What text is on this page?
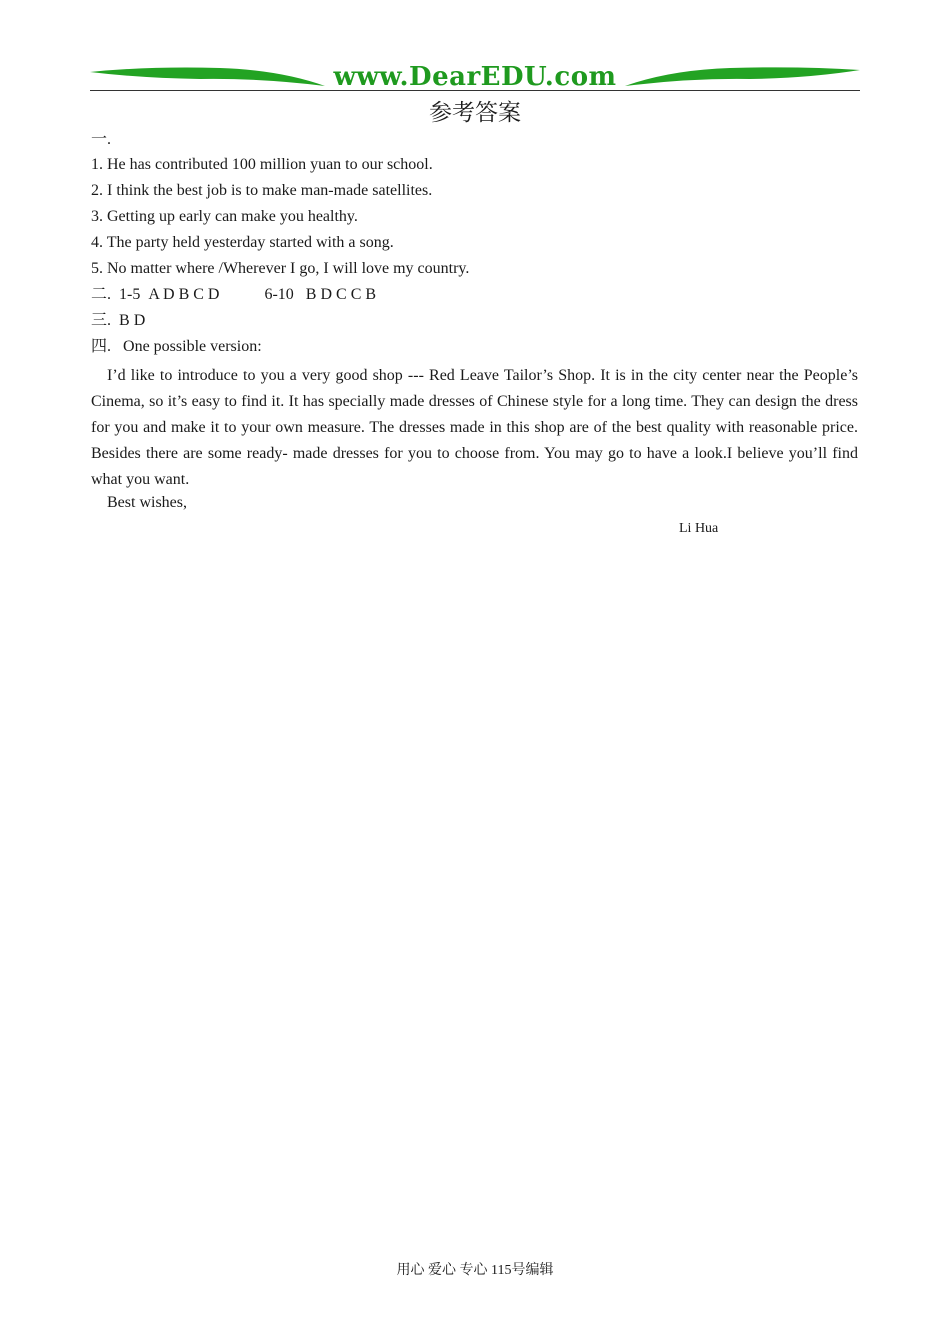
www.DearEDU.com
参考答案
一.
1. He has contributed 100 million yuan to our school.
2. I think the best job is to make man-made satellites.
3. Getting up early can make you healthy.
4. The party held yesterday started with a song.
5. No matter where /Wherever I go, I will love my country.
二. 1-5  A D B C D	6-10   B D C C B
三. B D
四. One possible version:
I’d like to introduce to you a very good shop --- Red Leave Tailor’s Shop. It is in the city center near the People’s Cinema, so it’s easy to find it. It has specially made dresses of Chinese style for a long time. They can design the dress for you and make it to your own measure. The dresses made in this shop are of the best quality with reasonable price. Besides there are some ready- made dresses for you to choose from. You may go to have a look.I believe you’ll find what you want.
Best wishes,
Li Hua
用心 爱心 专心 115号编辑
